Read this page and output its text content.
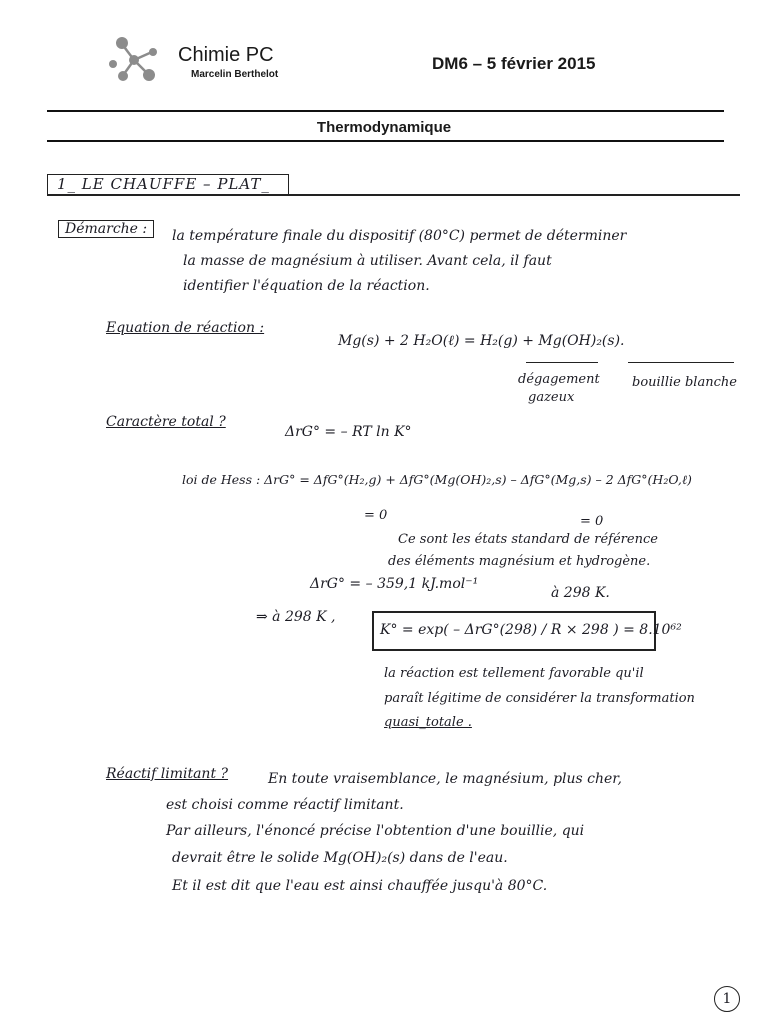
Chimie PC
Marcelin Berthelot
DM6 – 5 février 2015
Thermodynamique
1_ LE CHAUFFE – PLAT_
Démarche :	la température finale du dispositif (80°C) permet de déterminer
la masse de magnésium à utiliser. Avant cela, il faut
identifier l'équation de la réaction.
Equation de réaction :
Mg(s) + 2 H₂O(ℓ) = H₂(g) + Mg(OH)₂(s).
dégagement
gazeux
bouillie blanche
Caractère total ?
ΔrG° = – RT ln K°
loi de Hess : ΔrG° = ΔfG°(H₂,g) + ΔfG°(Mg(OH)₂,s) – ΔfG°(Mg,s) – 2 ΔfG°(H₂O,ℓ)
= 0	= 0
Ce sont les états standard de référence
des éléments magnésium et hydrogène.
ΔrG° = – 359,1 kJ.mol⁻¹
à 298 K.
⇒ à 298 K ,
K° = exp( – ΔrG°(298) / R × 298 ) = 8.10⁶²
la réaction est tellement favorable qu'il
paraît légitime de considérer la transformation
quasi_totale .
Réactif limitant ?	En toute vraisemblance, le magnésium, plus cher,
est choisi comme réactif limitant.
Par ailleurs, l'énoncé précise l'obtention d'une bouillie, qui
devrait être le solide Mg(OH)₂(s) dans de l'eau.
Et il est dit que l'eau est ainsi chauffée jusqu'à 80°C.
1
